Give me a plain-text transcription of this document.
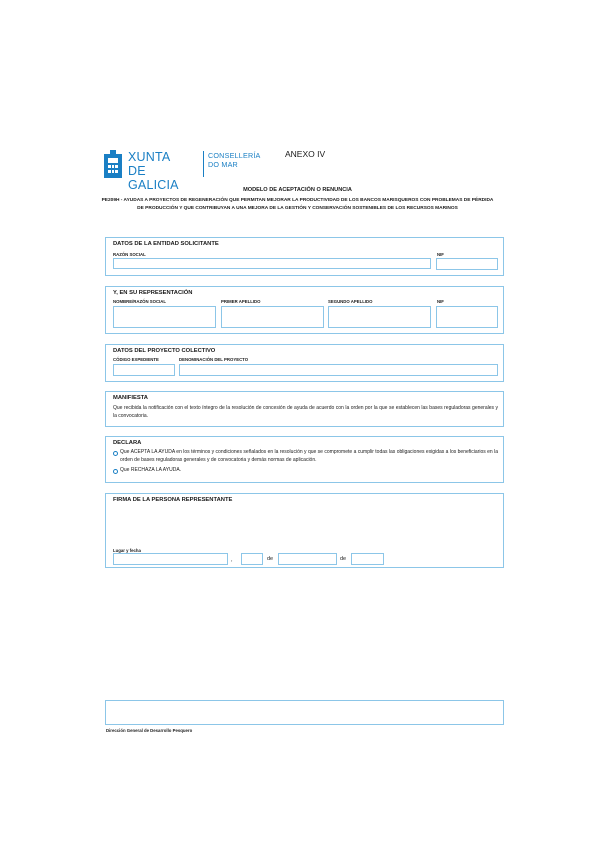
XUNTA
DE GALICIA
CONSELLERÍA
DO MAR
ANEXO IV
MODELO DE ACEPTACIÓN O RENUNCIA
PE209H - AYUDAS A PROYECTOS DE REGENERACIÓN QUE PERMITAN MEJORAR LA PRODUCTIVIDAD DE LOS BANCOS MARISQUEROS CON PROBLEMAS DE PÉRDIDA DE PRODUCCIÓN Y QUE CONTRIBUYAN A UNA MEJORA DE LA GESTIÓN Y CONSERVACIÓN SOSTENIBLES DE LOS RECURSOS MARINOS
DATOS DE LA ENTIDAD SOLICITANTE
RAZÓN SOCIAL	NIF
Y, EN SU REPRESENTACIÓN
NOMBRE/RAZÓN SOCIAL	PRIMER APELLIDO	SEGUNDO APELLIDO	NIF
DATOS DEL PROYECTO COLECTIVO
CÓDIGO EXPEDIENTE	DENOMINACIÓN DEL PROYECTO
MANIFIESTA
Que recibida la notificación con el texto íntegro de la resolución de concesión de ayuda de acuerdo con la orden por la que se establecen las bases reguladoras generales y la convocatoria.
DECLARA
Que ACEPTA LA AYUDA en los términos y condiciones señalados en la resolución y que se compromete a cumplir todas las obligaciones exigidas a los beneficiarios en la orden de bases reguladoras generales y de convocatoria y demás normas de aplicación.
Que RECHAZA LA AYUDA.
FIRMA DE LA PERSONA REPRESENTANTE
Lugar y fecha
,	de	de
Dirección General de Desarrollo Pesquero
